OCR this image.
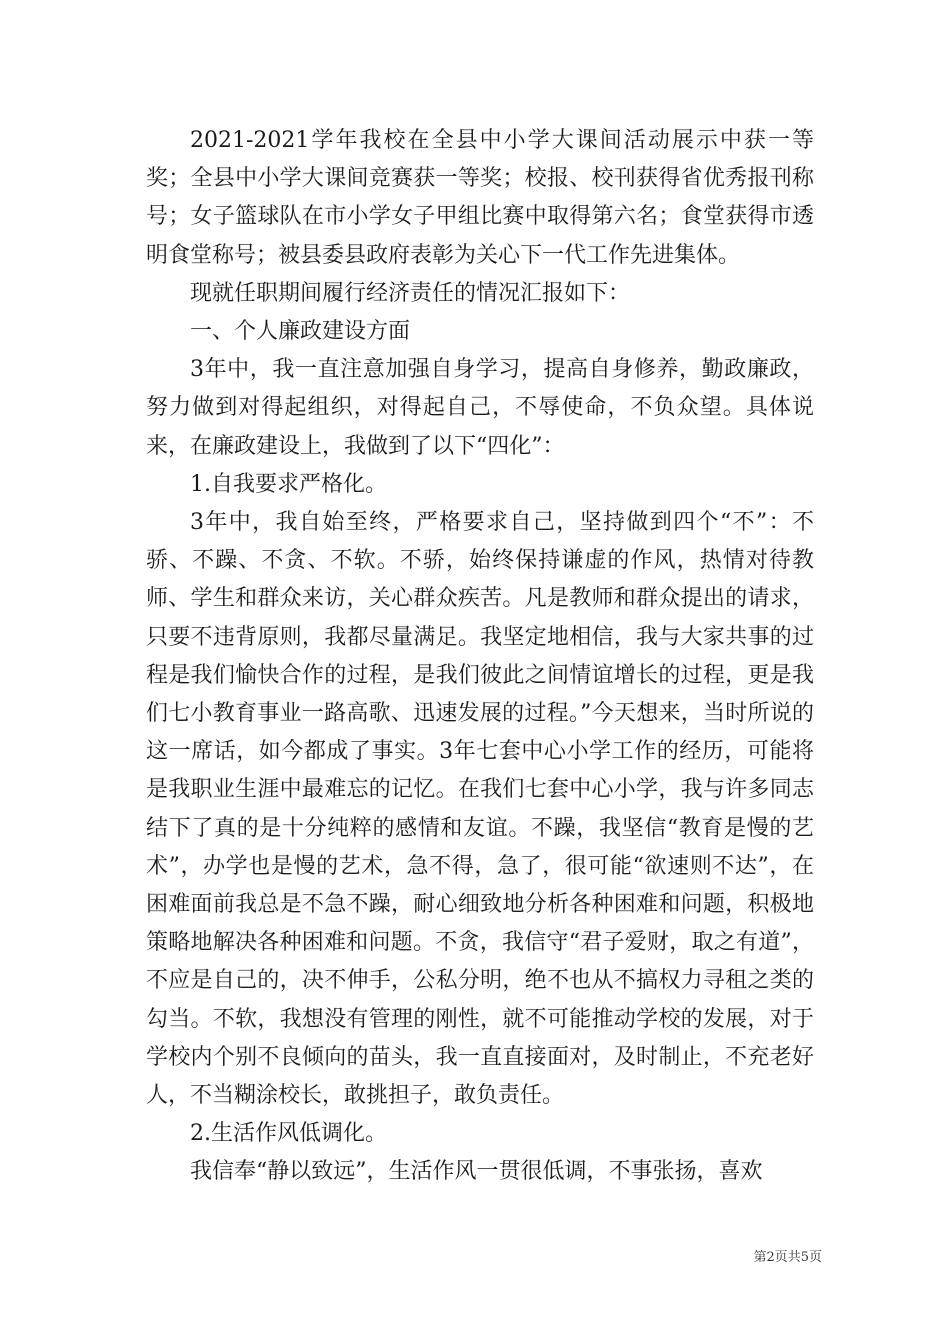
2021-2021学年我校在全县中小学大课间活动展示中获一等奖；全县中小学大课间竞赛获一等奖；校报、校刊获得省优秀报刊称号；女子篮球队在市小学女子甲组比赛中取得第六名；食堂获得市透明食堂称号；被县委县政府表彰为关心下一代工作先进集体。

现就任职期间履行经济责任的情况汇报如下：

一、个人廉政建设方面

3年中，我一直注意加强自身学习，提高自身修养，勤政廉政，努力做到对得起组织，对得起自己，不辱使命，不负众望。具体说来，在廉政建设上，我做到了以下“四化”：

1.自我要求严格化。

3年中，我自始至终，严格要求自己，坚持做到四个“不”：不骄、不躁、不贪、不软。不骄，始终保持谦虚的作风，热情对待教师、学生和群众来访，关心群众疾苦。凡是教师和群众提出的请求，只要不违背原则，我都尽量满足。我坚定地相信，我与大家共事的过程是我们愉快合作的过程，是我们彼此之间情谊增长的过程，更是我们七小教育事业一路高歌、迅速发展的过程。”今天想来，当时所说的这一席话，如今都成了事实。3年七套中心小学工作的经历，可能将是我职业生涯中最难忘的记忆。在我们七套中心小学，我与许多同志结下了真的是十分纯粹的感情和友谊。不躁，我坚信“教育是慢的艺术”，办学也是慢的艺术，急不得，急了，很可能“欲速则不达”，在困难面前我总是不急不躁，耐心细致地分析各种困难和问题，积极地策略地解决各种困难和问题。不贪，我信守“君子爱财，取之有道”，不应是自己的，决不伸手，公私分明，绝不也从不搞权力寻租之类的勾当。不软，我想没有管理的刚性，就不可能推动学校的发展，对于学校内个别不良倾向的苗头，我一直直接面对，及时制止，不充老好人，不当糊涂校长，敢挑担子，敢负责任。

2.生活作风低调化。

我信奉“静以致远”，生活作风一贯很低调，不事张扬，喜欢

第2页共5页
